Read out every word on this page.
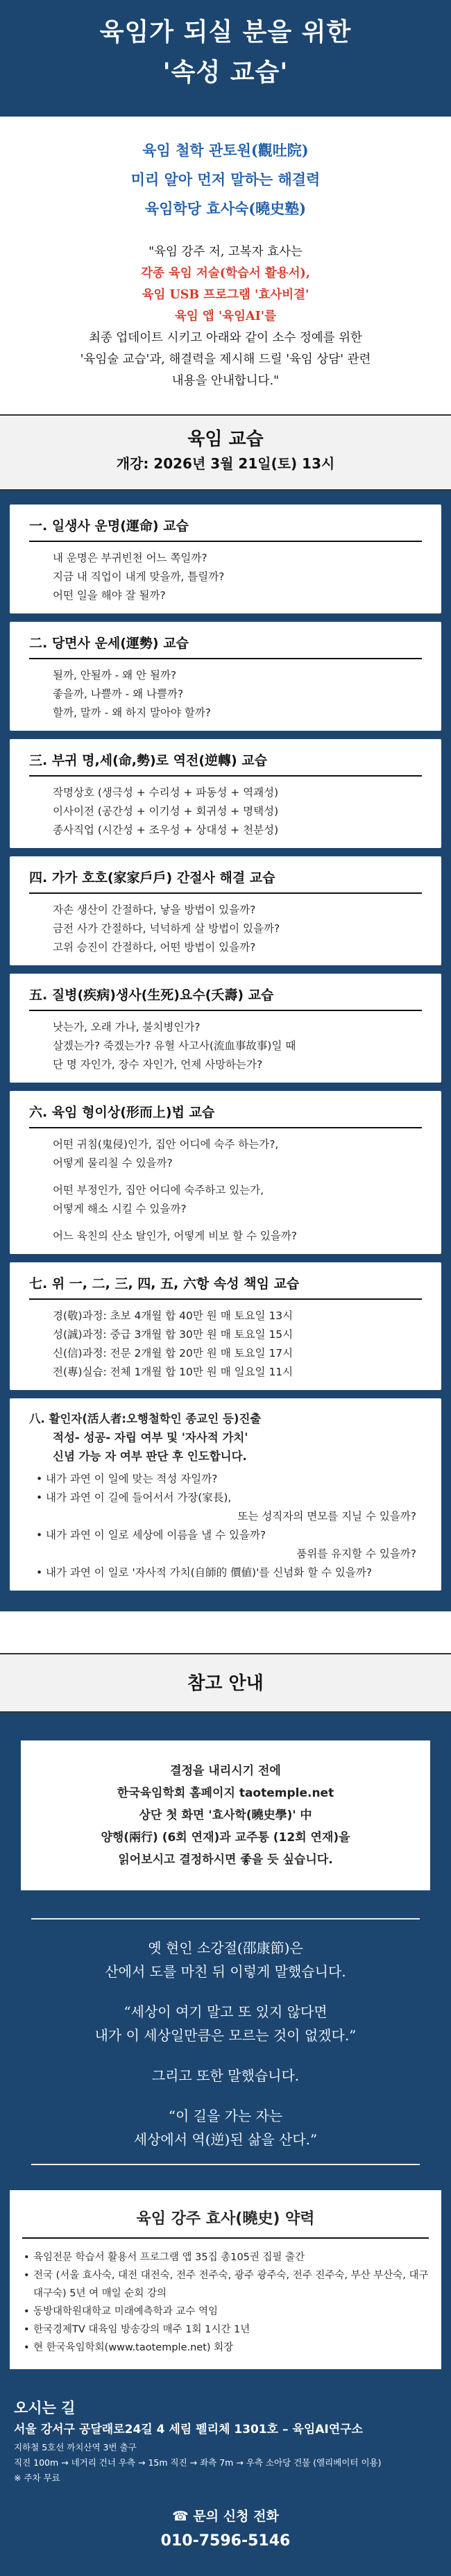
육임가 되실 분을 위한
'속성 교습'
육임 철학 관토원(觀吐院)
미리 알아 먼저 말하는 해결력
육임학당 효사숙(曉史塾)
"육임 강주 저, 고복자 효사는
각종 육임 저술(학습서 활용서),
육임 USB 프로그램 '효사비결'
육임 앱 '육임AI'를
최종 업데이트 시키고 아래와 같이 소수 정예를 위한
'육임술 교습'과, 해결력을 제시해 드릴 '육임 상담' 관련
내용을 안내합니다."
육임 교습
개강: 2026년 3월 21일(토) 13시
一. 일생사 운명(運命) 교습
내 운명은 부귀빈천 어느 쪽일까?
지금 내 직업이 내게 맞을까, 틀릴까?
어떤 일을 해야 잘 될까?
二. 당면사 운세(運勢) 교습
될까, 안될까 - 왜 안 될까?
좋을까, 나쁠까 - 왜 나쁠까?
할까, 말까 - 왜 하지 말아야 할까?
三. 부귀 명,세(命,勢)로 역전(逆轉) 교습
작명상호 (생극성 + 수리성 + 파동성 + 역괘성)
이사이전 (공간성 + 이기성 + 회귀성 + 명택성)
종사직업 (시간성 + 조우성 + 상대성 + 천분성)
四. 가가 호호(家家戶戶) 간절사 해결 교습
자손 생산이 간절하다, 낳을 방법이 있을까?
금전 사가 간절하다, 넉넉하게 살 방법이 있을까?
고위 승진이 간절하다, 어떤 방법이 있을까?
五. 질병(疾病)생사(生死)요수(夭壽) 교습
낫는가, 오래 가나, 불치병인가?
살겠는가? 죽겠는가? 유혈 사고사(流血事故事)일 때
단 명 자인가, 장수 자인가, 언제 사망하는가?
六. 육임 형이상(形而上)법 교습
어떤 귀침(鬼侵)인가, 집안 어디에 숙주 하는가?,
어떻게 물리칠 수 있을까?
어떤 부정인가, 집안 어디에 숙주하고 있는가,
어떻게 해소 시킬 수 있을까?
어느 육친의 산소 탈인가, 어떻게 비보 할 수 있을까?
七. 위 一, 二, 三, 四, 五, 六항 속성 책임 교습
경(敬)과정: 초보 4개월 합 40만 원 매 토요일 13시
성(誠)과정: 중급 3개월 합 30만 원 매 토요일 15시
신(信)과정: 전문 2개월 합 20만 원 매 토요일 17시
전(專)실습: 전체 1개월 합 10만 원 매 일요일 11시
八. 활인자(活人者:오행철학인 종교인 등)진출
적성- 성공- 자립 여부 및 '자사적 가치'
신념 가능 자 여부 판단 후 인도합니다.
• 내가 과연 이 일에 맞는 적성 자일까?
• 내가 과연 이 길에 들어서서 가장(家長),
또는 성직자의 면모를 지닐 수 있을까?
• 내가 과연 이 일로 세상에 이름을 낼 수 있을까?
품위를 유지할 수 있을까?
• 내가 과연 이 일로 '자사적 가치(自師的 價値)'를 신념화 할 수 있을까?
참고 안내
결정을 내리시기 전에
한국육임학회 홈페이지 taotemple.net
상단 첫 화면 '효사학(曉史學)' 中
양행(兩行) (6회 연재)과 교주통 (12회 연재)을
읽어보시고 결정하시면 좋을 듯 싶습니다.

옛 현인 소강절(邵康節)은

산에서 도를 마친 뒤 이렇게 말했습니다.

“세상이 여기 말고 또 있지 않다면

내가 이 세상일만큼은 모르는 것이 없겠다.”

그리고 또한 말했습니다.

“이 길을 가는 자는

세상에서 역(逆)된 삶을 산다.”

육임 강주 효사(曉史) 약력
• 육임전문 학습서 활용서 프로그램 앱 35집 총105권 집필 출간
• 전국 (서울 효사숙, 대전 대전숙, 전주 전주숙, 광주 광주숙, 전주 진주숙, 부산 부산숙, 대구 대구숙) 5년 여 매일 순회 강의
• 동방대학원대학교 미래예측학과 교수 역임
• 한국경제TV 대육임 방송강의 매주 1회 1시간 1년
• 현 한국육임학회(www.taotemple.net) 회장
오시는 길
서울 강서구 공달래로24길 4 세림 펠리체 1301호 – 육임AI연구소
지하철 5호선 까치산역 3번 출구
직진 100m → 네거리 건너 우측 → 15m 직진 → 좌측 7m → 우측 소아당 건물 (엘리베이터 이용)
※ 주차 무료
☎ 문의 신청 전화
010-7596-5146
